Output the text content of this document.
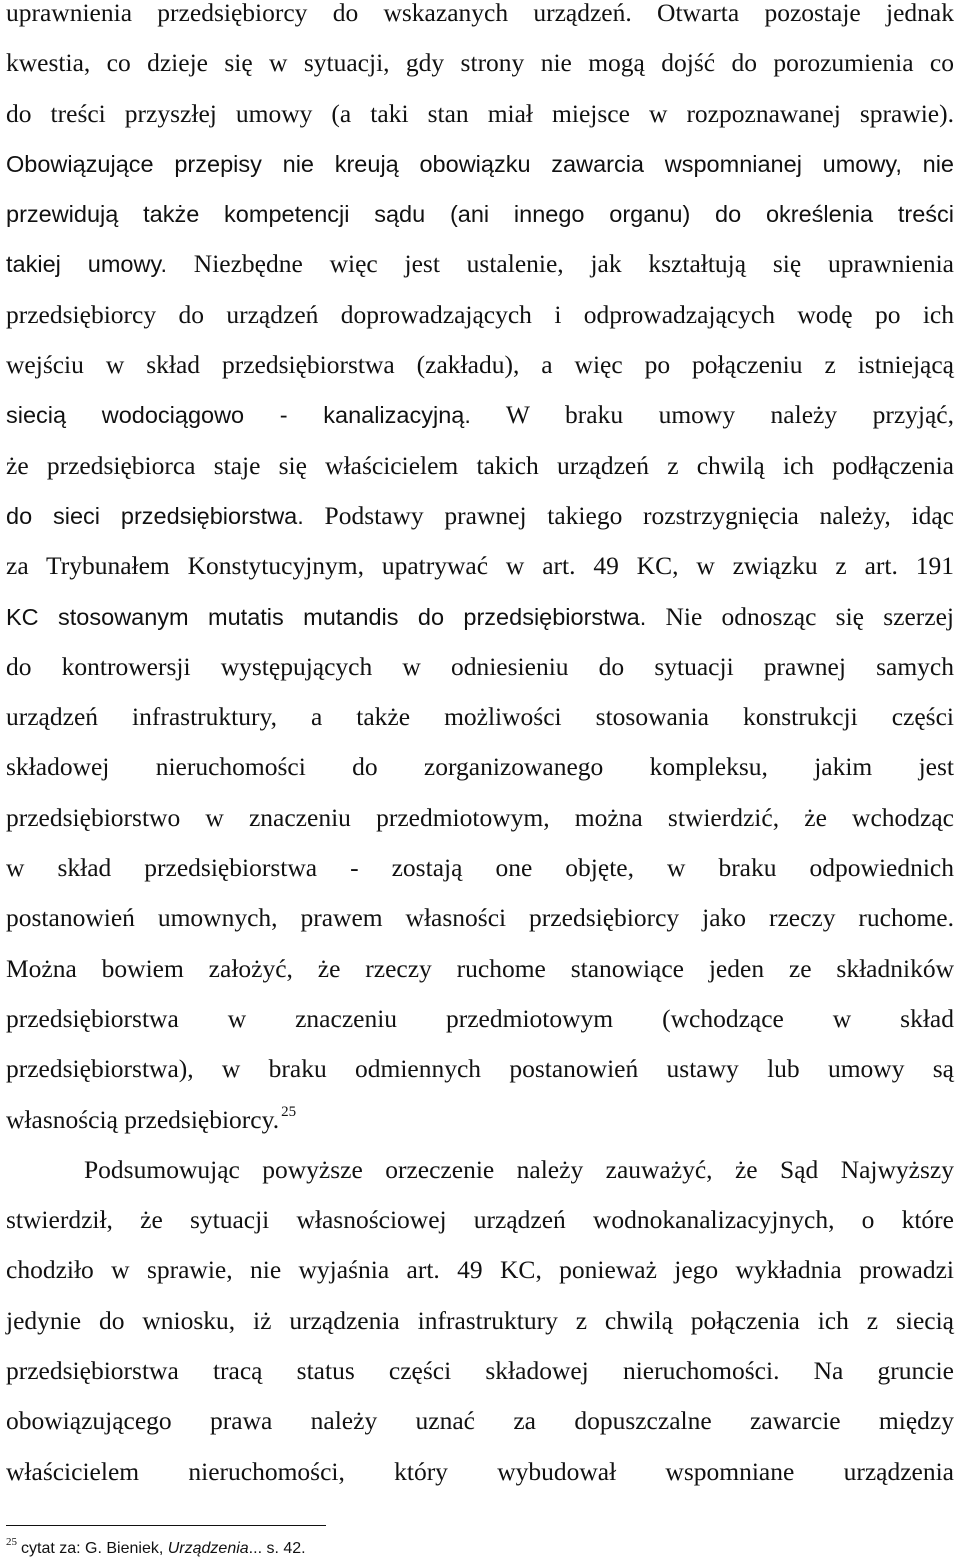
uprawnienia przedsiębiorcy do wskazanych urządzeń. Otwarta pozostaje jednak
kwestia, co dzieje się w sytuacji, gdy strony nie mogą dojść do porozumienia co
do treści przyszłej umowy (a taki stan miał miejsce w rozpoznawanej sprawie).
Obowiązujące przepisy nie kreują obowiązku zawarcia wspomnianej umowy, nie
przewidują także kompetencji sądu (ani innego organu) do określenia treści
takiej umowy. Niezbędne więc jest ustalenie, jak kształtują się uprawnienia
przedsiębiorcy do urządzeń doprowadzających i odprowadzających wodę po ich
wejściu w skład przedsiębiorstwa (zakładu), a więc po połączeniu z istniejącą
siecią wodociągowo - kanalizacyjną. W braku umowy należy przyjąć,
że przedsiębiorca staje się właścicielem takich urządzeń z chwilą ich podłączenia
do sieci przedsiębiorstwa. Podstawy prawnej takiego rozstrzygnięcia należy, idąc
za Trybunałem Konstytucyjnym, upatrywać w art. 49 KC, w związku z art. 191
KC stosowanym mutatis mutandis do przedsiębiorstwa. Nie odnosząc się szerzej
do kontrowersji występujących w odniesieniu do sytuacji prawnej samych
urządzeń infrastruktury, a także możliwości stosowania konstrukcji części
składowej nieruchomości do zorganizowanego kompleksu, jakim jest
przedsiębiorstwo w znaczeniu przedmiotowym, można stwierdzić, że wchodząc
w skład przedsiębiorstwa - zostają one objęte, w braku odpowiednich
postanowień umownych, prawem własności przedsiębiorcy jako rzeczy ruchome.
Można bowiem założyć, że rzeczy ruchome stanowiące jeden ze składników
przedsiębiorstwa w znaczeniu przedmiotowym (wchodzące w skład
przedsiębiorstwa), w braku odmiennych postanowień ustawy lub umowy są
własnością przedsiębiorcy. $^{25}$
Podsumowując powyższe orzeczenie należy zauważyć, że Sąd Najwyższy
stwierdził, że sytuacji własnościowej urządzeń wodnokanalizacyjnych, o które
chodziło w sprawie, nie wyjaśnia art. 49 KC, ponieważ jego wykładnia prowadzi
jedynie do wniosku, iż urządzenia infrastruktury z chwilą połączenia ich z siecią
przedsiębiorstwa tracą status części składowej nieruchomości. Na gruncie
obowiązującego prawa należy uznać za dopuszczalne zawarcie między
właścicielem nieruchomości, który wybudował wspomniane urządzenia
$^{25}$ cytat za: G. Bieniek, Urządzenia... s. 42.
